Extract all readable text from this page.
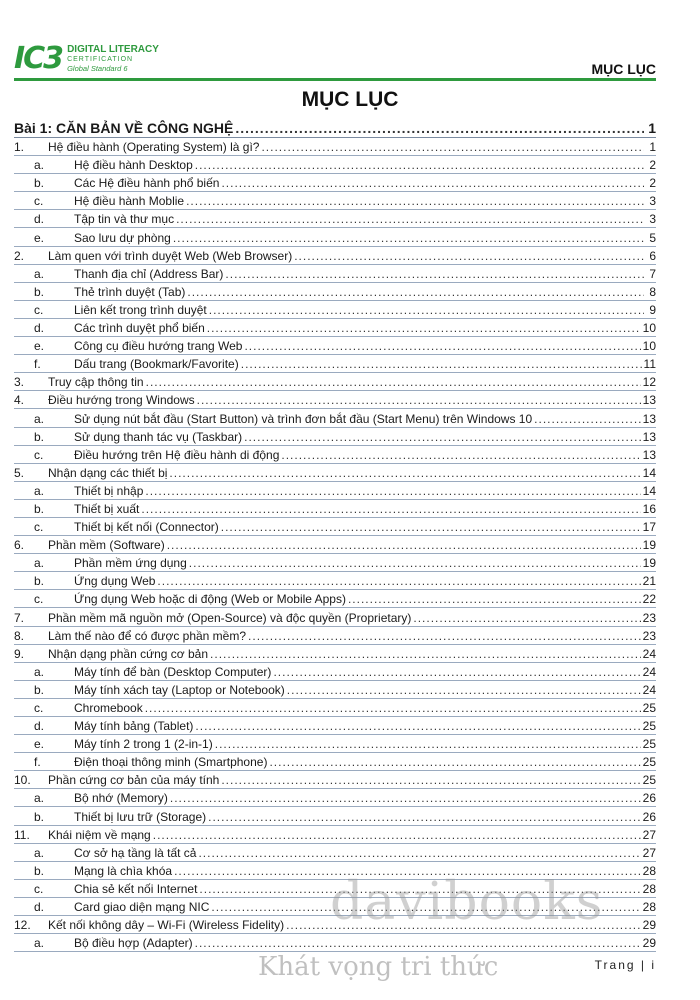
IC3 DIGITAL LITERACY
CERTIFICATION
Global Standard 6	MỤC LỤC
MỤC LỤC
Bài 1: CĂN BẢN VỀ CÔNG NGHỆ .....	1
1.	Hệ điều hành (Operating System) là gì? .....	1
a.	Hệ điều hành Desktop .....	2
b.	Các Hệ điều hành phổ biến .....	2
c.	Hệ điều hành Moblie .....	3
d.	Tập tin và thư mục .....	3
e.	Sao lưu dự phòng .....	5
2.	Làm quen với trình duyệt Web (Web Browser) .....	6
a.	Thanh địa chỉ (Address Bar) .....	7
b.	Thẻ trình duyệt (Tab) .....	8
c.	Liên kết trong trình duyệt .....	9
d.	Các trình duyệt phổ biến .....	10
e.	Công cụ điều hướng trang Web .....	10
f.	Dấu trang (Bookmark/Favorite) .....	11
3.	Truy cập thông tin .....	12
4.	Điều hướng trong Windows .....	13
a.	Sử dụng nút bắt đầu (Start Button) và trình đơn bắt đầu (Start Menu) trên Windows 10 .....	13
b.	Sử dụng thanh tác vụ (Taskbar) .....	13
c.	Điều hướng trên Hệ điều hành di động .....	13
5.	Nhận dạng các thiết bị .....	14
a.	Thiết bị nhập .....	14
b.	Thiết bị xuất .....	16
c.	Thiết bị kết nối (Connector) .....	17
6.	Phần mềm (Software) .....	19
a.	Phần mềm ứng dụng .....	19
b.	Ứng dụng Web .....	21
c.	Ứng dụng Web hoặc di động (Web or Mobile Apps) .....	22
7.	Phần mềm mã nguồn mở (Open-Source) và độc quyền (Proprietary) .....	23
8.	Làm thế nào để có được phần mềm? .....	23
9.	Nhận dạng phần cứng cơ bản .....	24
a.	Máy tính để bàn (Desktop Computer) .....	24
b.	Máy tính xách tay (Laptop or Notebook) .....	24
c.	Chromebook .....	25
d.	Máy tính bảng (Tablet) .....	25
e.	Máy tính 2 trong 1 (2-in-1) .....	25
f.	Điện thoại thông minh (Smartphone) .....	25
10.	Phần cứng cơ bản của máy tính .....	25
a.	Bộ nhớ (Memory) .....	26
b.	Thiết bị lưu trữ (Storage) .....	26
11.	Khái niệm về mạng .....	27
a.	Cơ sở hạ tầng là tất cả .....	27
b.	Mạng là chìa khóa .....	28
c.	Chia sẻ kết nối Internet .....	28
d.	Card giao diện mạng NIC .....	28
12.	Kết nối không dây – Wi-Fi (Wireless Fidelity) .....	29
a.	Bộ điều hợp (Adapter) .....	29
davibooks
Khát vọng tri thức	Trang | i
